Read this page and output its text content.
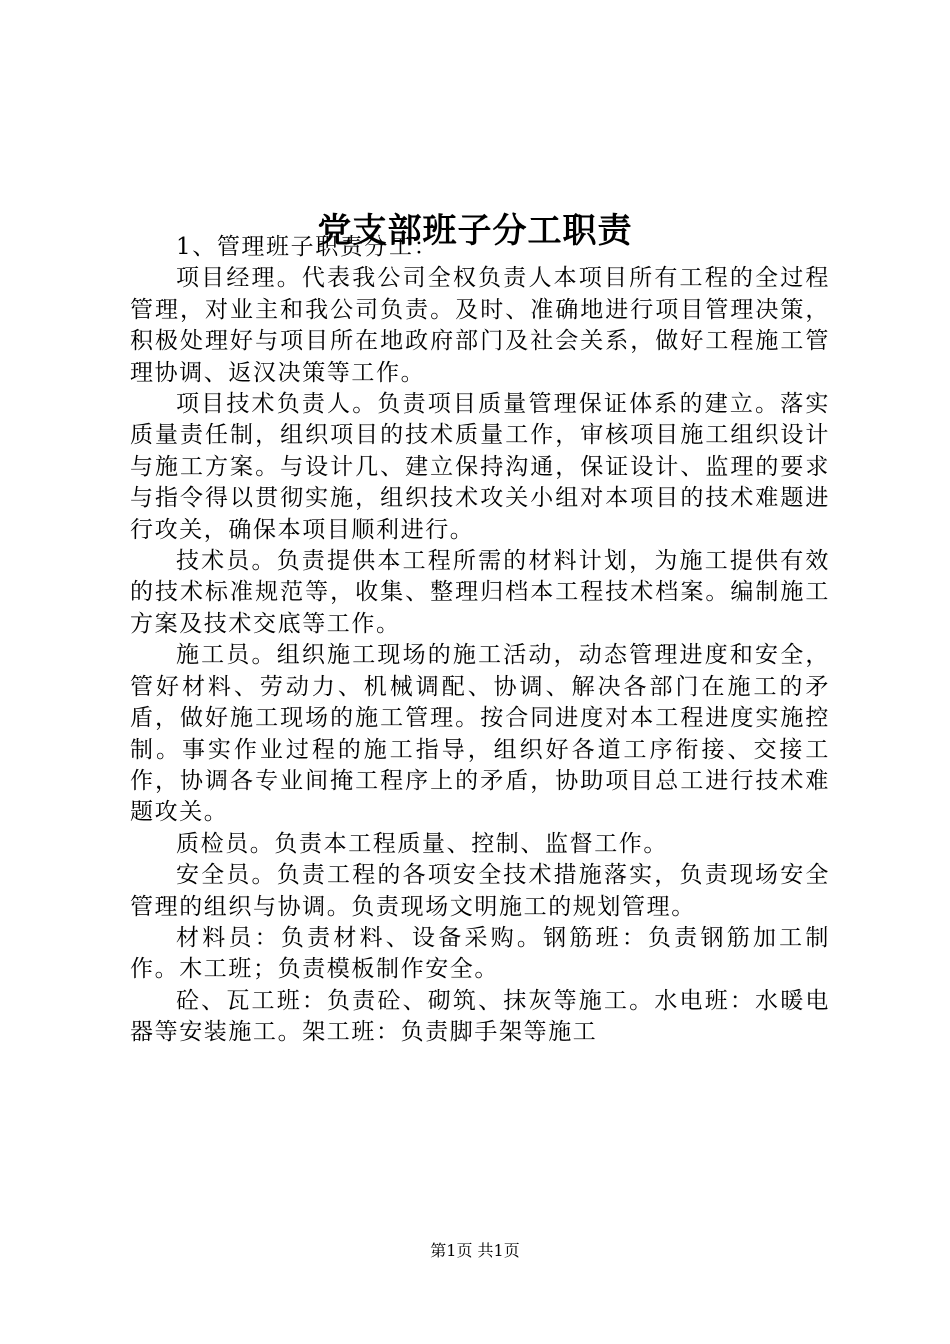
党支部班子分工职责

1、管理班子职责分工：

项目经理。代表我公司全权负责人本项目所有工程的全过程管理，对业主和我公司负责。及时、准确地进行项目管理决策，积极处理好与项目所在地政府部门及社会关系，做好工程施工管理协调、返汉决策等工作。

项目技术负责人。负责项目质量管理保证体系的建立。落实质量责任制，组织项目的技术质量工作，审核项目施工组织设计与施工方案。与设计几、建立保持沟通，保证设计、监理的要求与指令得以贯彻实施，组织技术攻关小组对本项目的技术难题进行攻关，确保本项目顺利进行。

技术员。负责提供本工程所需的材料计划，为施工提供有效的技术标准规范等，收集、整理归档本工程技术档案。编制施工方案及技术交底等工作。

施工员。组织施工现场的施工活动，动态管理进度和安全，管好材料、劳动力、机械调配、协调、解决各部门在施工的矛盾，做好施工现场的施工管理。按合同进度对本工程进度实施控制。事实作业过程的施工指导，组织好各道工序衔接、交接工作，协调各专业间掩工程序上的矛盾，协助项目总工进行技术难题攻关。

质检员。负责本工程质量、控制、监督工作。

安全员。负责工程的各项安全技术措施落实，负责现场安全管理的组织与协调。负责现场文明施工的规划管理。

材料员：负责材料、设备采购。钢筋班：负责钢筋加工制作。木工班；负责模板制作安全。

砼、瓦工班：负责砼、砌筑、抹灰等施工。水电班：水暖电器等安装施工。架工班：负责脚手架等施工

第1页 共1页
